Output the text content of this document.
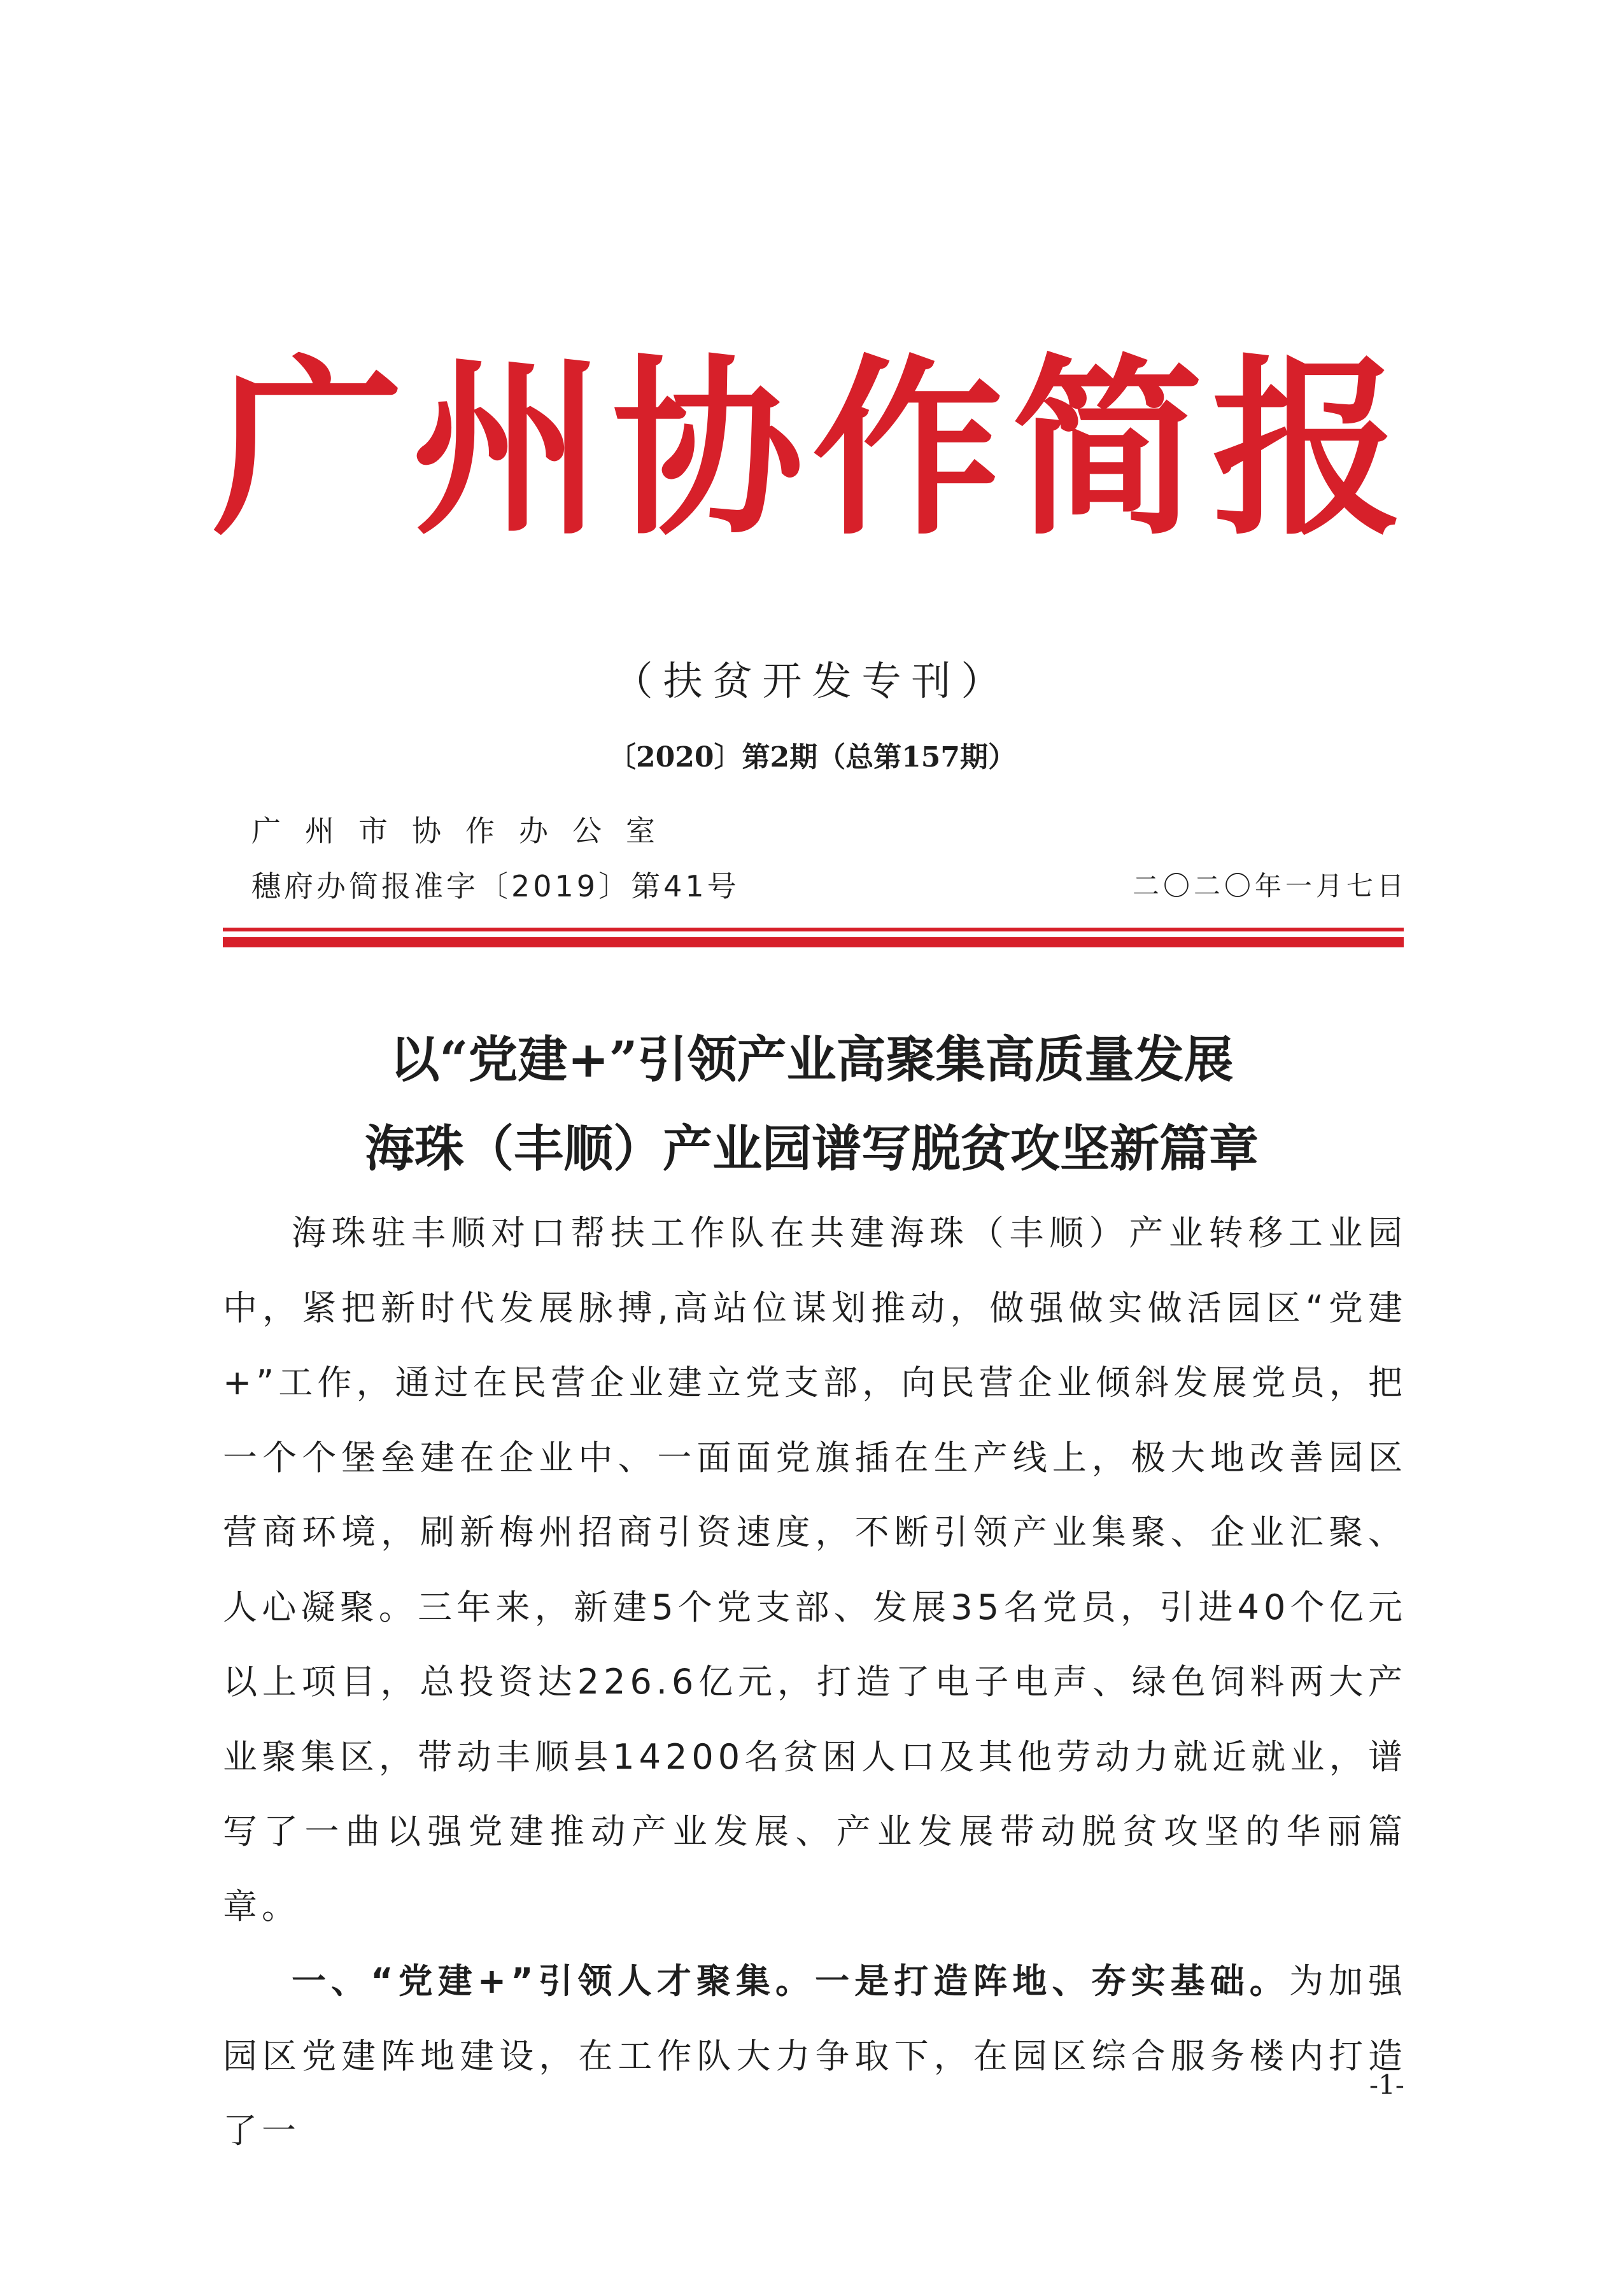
广州协作简报
（扶贫开发专刊）
〔2020〕第2期（总第157期）
广州市协作办公室
穗府办简报准字〔2019〕第41号	二〇二〇年一月七日
以“党建+”引领产业高聚集高质量发展
海珠（丰顺）产业园谱写脱贫攻坚新篇章

海珠驻丰顺对口帮扶工作队在共建海珠（丰顺）产业转移工业园中，紧把新时代发展脉搏,高站位谋划推动，做强做实做活园区“党建+”工作，通过在民营企业建立党支部，向民营企业倾斜发展党员，把一个个堡垒建在企业中、一面面党旗插在生产线上，极大地改善园区营商环境，刷新梅州招商引资速度，不断引领产业集聚、企业汇聚、人心凝聚。三年来，新建5个党支部、发展35名党员，引进40个亿元以上项目，总投资达226.6亿元，打造了电子电声、绿色饲料两大产业聚集区，带动丰顺县14200名贫困人口及其他劳动力就近就业，谱写了一曲以强党建推动产业发展、产业发展带动脱贫攻坚的华丽篇章。

一、“党建+”引领人才聚集。一是打造阵地、夯实基础。为加强园区党建阵地建设，在工作队大力争取下，在园区综合服务楼内打造了一

-1-
